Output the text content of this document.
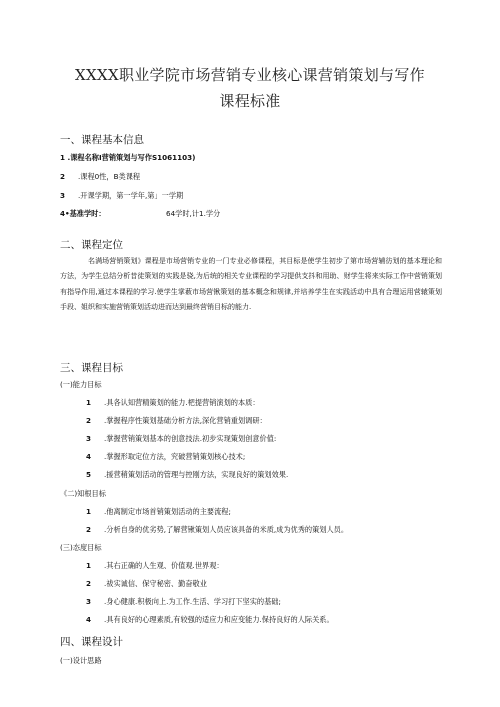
XXXX职业学院市场营销专业核心课营销策划与写作
课程标准
一、课程基本信息
1 .课程名称I营销策划与写作S1061103)
2 .课程0性，B类课程
3 .开课学期，第一学年,第」一学期
4•基准学时：	64学时,计1.学分
二、课程定位

名满场营销策划》课程是市场营销专业的一门专业必修课程，其目标是使学生初步了第市场营辅彷划的基本理论和方法，为学生总结分析昔徒策划的实践是骁,为后统的相关专业课程的学习提供支抖和用助、财学生将来实际工作中营销策划有指导作用,通过本课程的学习.使学生掌薮市场营锹策划的基本概念和规律,并培养学生在实践活动中具有合理运用营辕策划手段、姐织和实施营销策划活动进而达到最终营销目标的能力.

三、课程目标
(一)能力目标
1 .具各认知营精策划的能力.杷提营销演划的本质：
2 .掌握程序性策划基础分析方法,深化营销重划调研：
3 .掌握营销策划基本的创意技法.初步实现策划创意价值:
4 .掌握形取定位方法，究破营销策划核心技术;
5 .援营稍策划活动的管理与控刚方法，实现良好的策划效果.
《二)知根目标
1 .他离制定市场首销策划活动的主要流程;
2 .分析自身的优劣势,了解营锹策划人员应该具备的米质,成为优秀的策划人员。
(三)态度目标
1 .其右正确的人生观、价值观.世界观：
2 .祓实诚信、保守秘密、勤奋敬业
3 .身心健康.积极向上.为工作.生活、学习打下坚实的基础;
4 .具有良好的心理素质,有较强的适应力和应变能力.保持良好的人际关系。
四、课程设计
(一)设计思路
